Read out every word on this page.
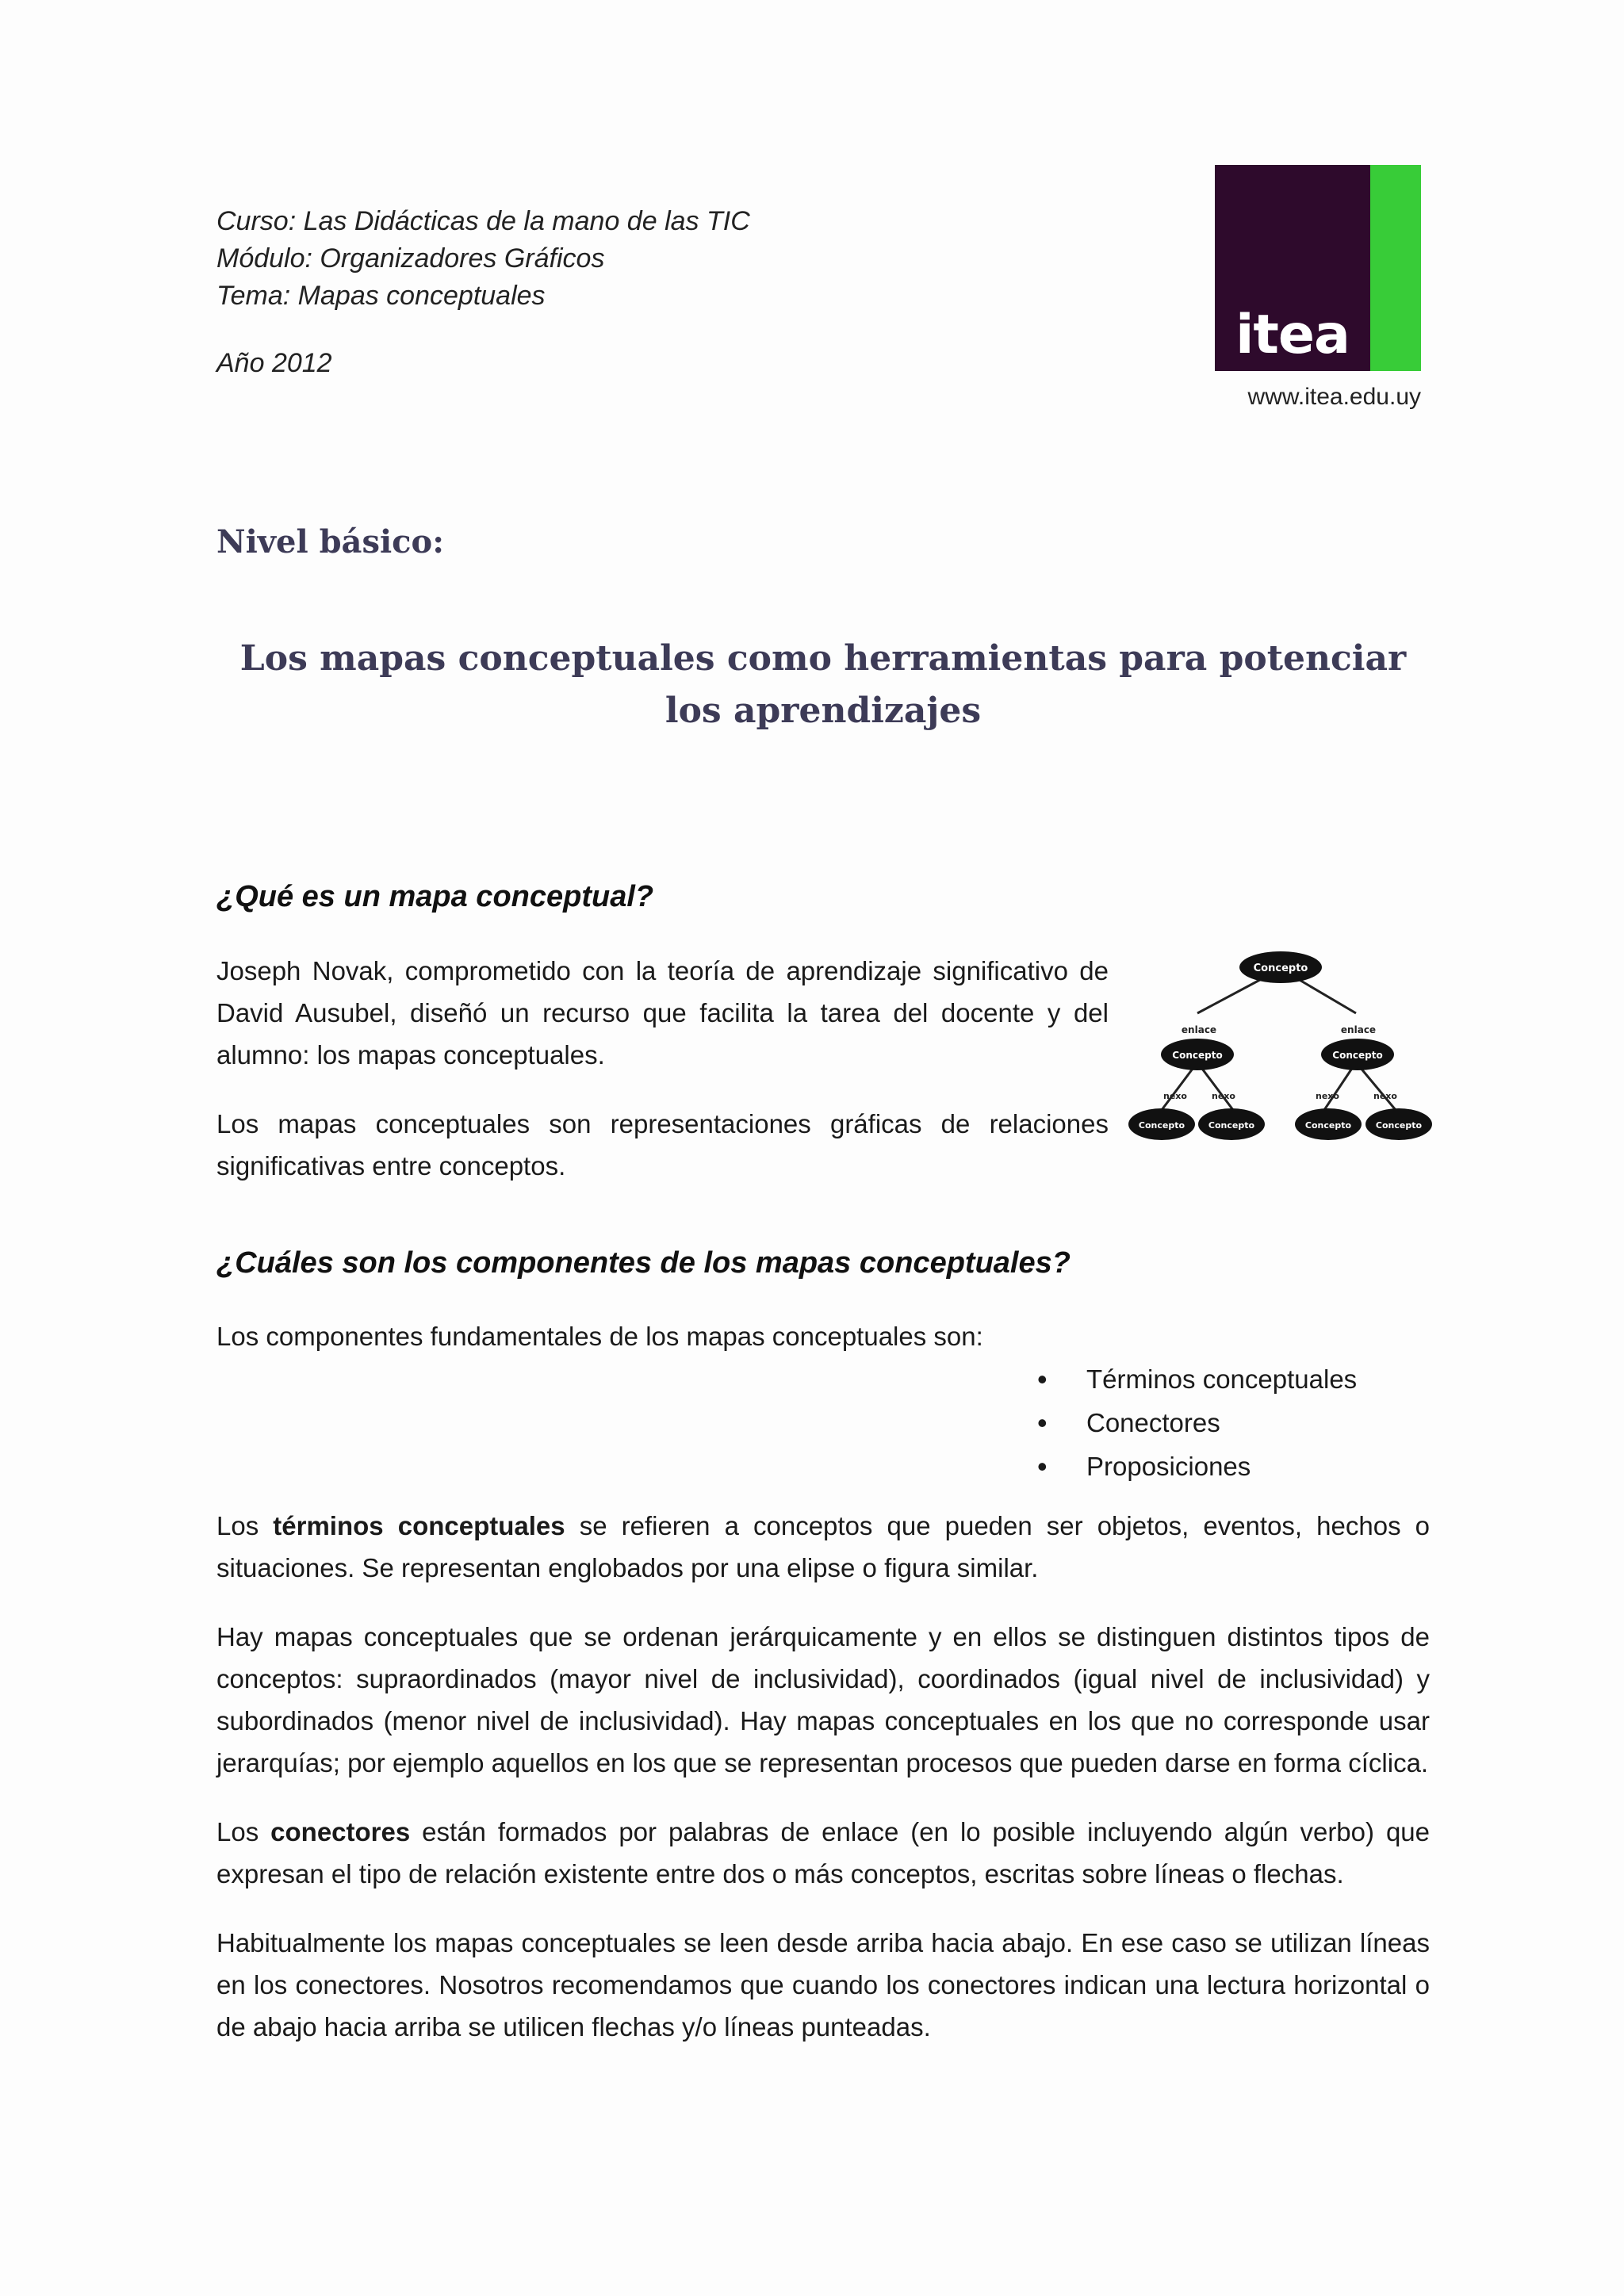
Curso: Las Didácticas de la mano de las TIC
Módulo: Organizadores Gráficos
Tema: Mapas conceptuales
Año 2012	itea
www.itea.edu.uy
Nivel básico:
Los mapas conceptuales como herramientas para potenciar los aprendizajes
¿Qué es un mapa conceptual?

Joseph Novak, comprometido con la teoría de aprendizaje significativo de David Ausubel, diseñó un recurso que facilita la tarea del docente y del alumno: los mapas conceptuales.

Los mapas conceptuales son representaciones gráficas de relaciones significativas entre conceptos.

enlace	enlace
nexo	nexo	nexo	nexo
Concepto
Concepto	Concepto
Concepto	Concepto	Concepto	Concepto
¿Cuáles son los componentes de los mapas conceptuales?
Los componentes fundamentales de los mapas conceptuales son:
• Términos conceptuales
• Conectores
• Proposiciones

Los términos conceptuales se refieren a conceptos que pueden ser objetos, eventos, hechos o situaciones. Se representan englobados por una elipse o figura similar.

Hay mapas conceptuales que se ordenan jerárquicamente y en ellos se distinguen distintos tipos de conceptos: supraordinados (mayor nivel de inclusividad), coordinados (igual nivel de inclusividad) y subordinados (menor nivel de inclusividad). Hay mapas conceptuales en los que no corresponde usar jerarquías; por ejemplo aquellos en los que se representan procesos que pueden darse en forma cíclica.

Los conectores están formados por palabras de enlace (en lo posible incluyendo algún verbo) que expresan el tipo de relación existente entre dos o más conceptos, escritas sobre líneas o flechas.

Habitualmente los mapas conceptuales se leen desde arriba hacia abajo. En ese caso se utilizan líneas en los conectores. Nosotros recomendamos que cuando los conectores indican una lectura horizontal o de abajo hacia arriba se utilicen flechas y/o líneas punteadas.
